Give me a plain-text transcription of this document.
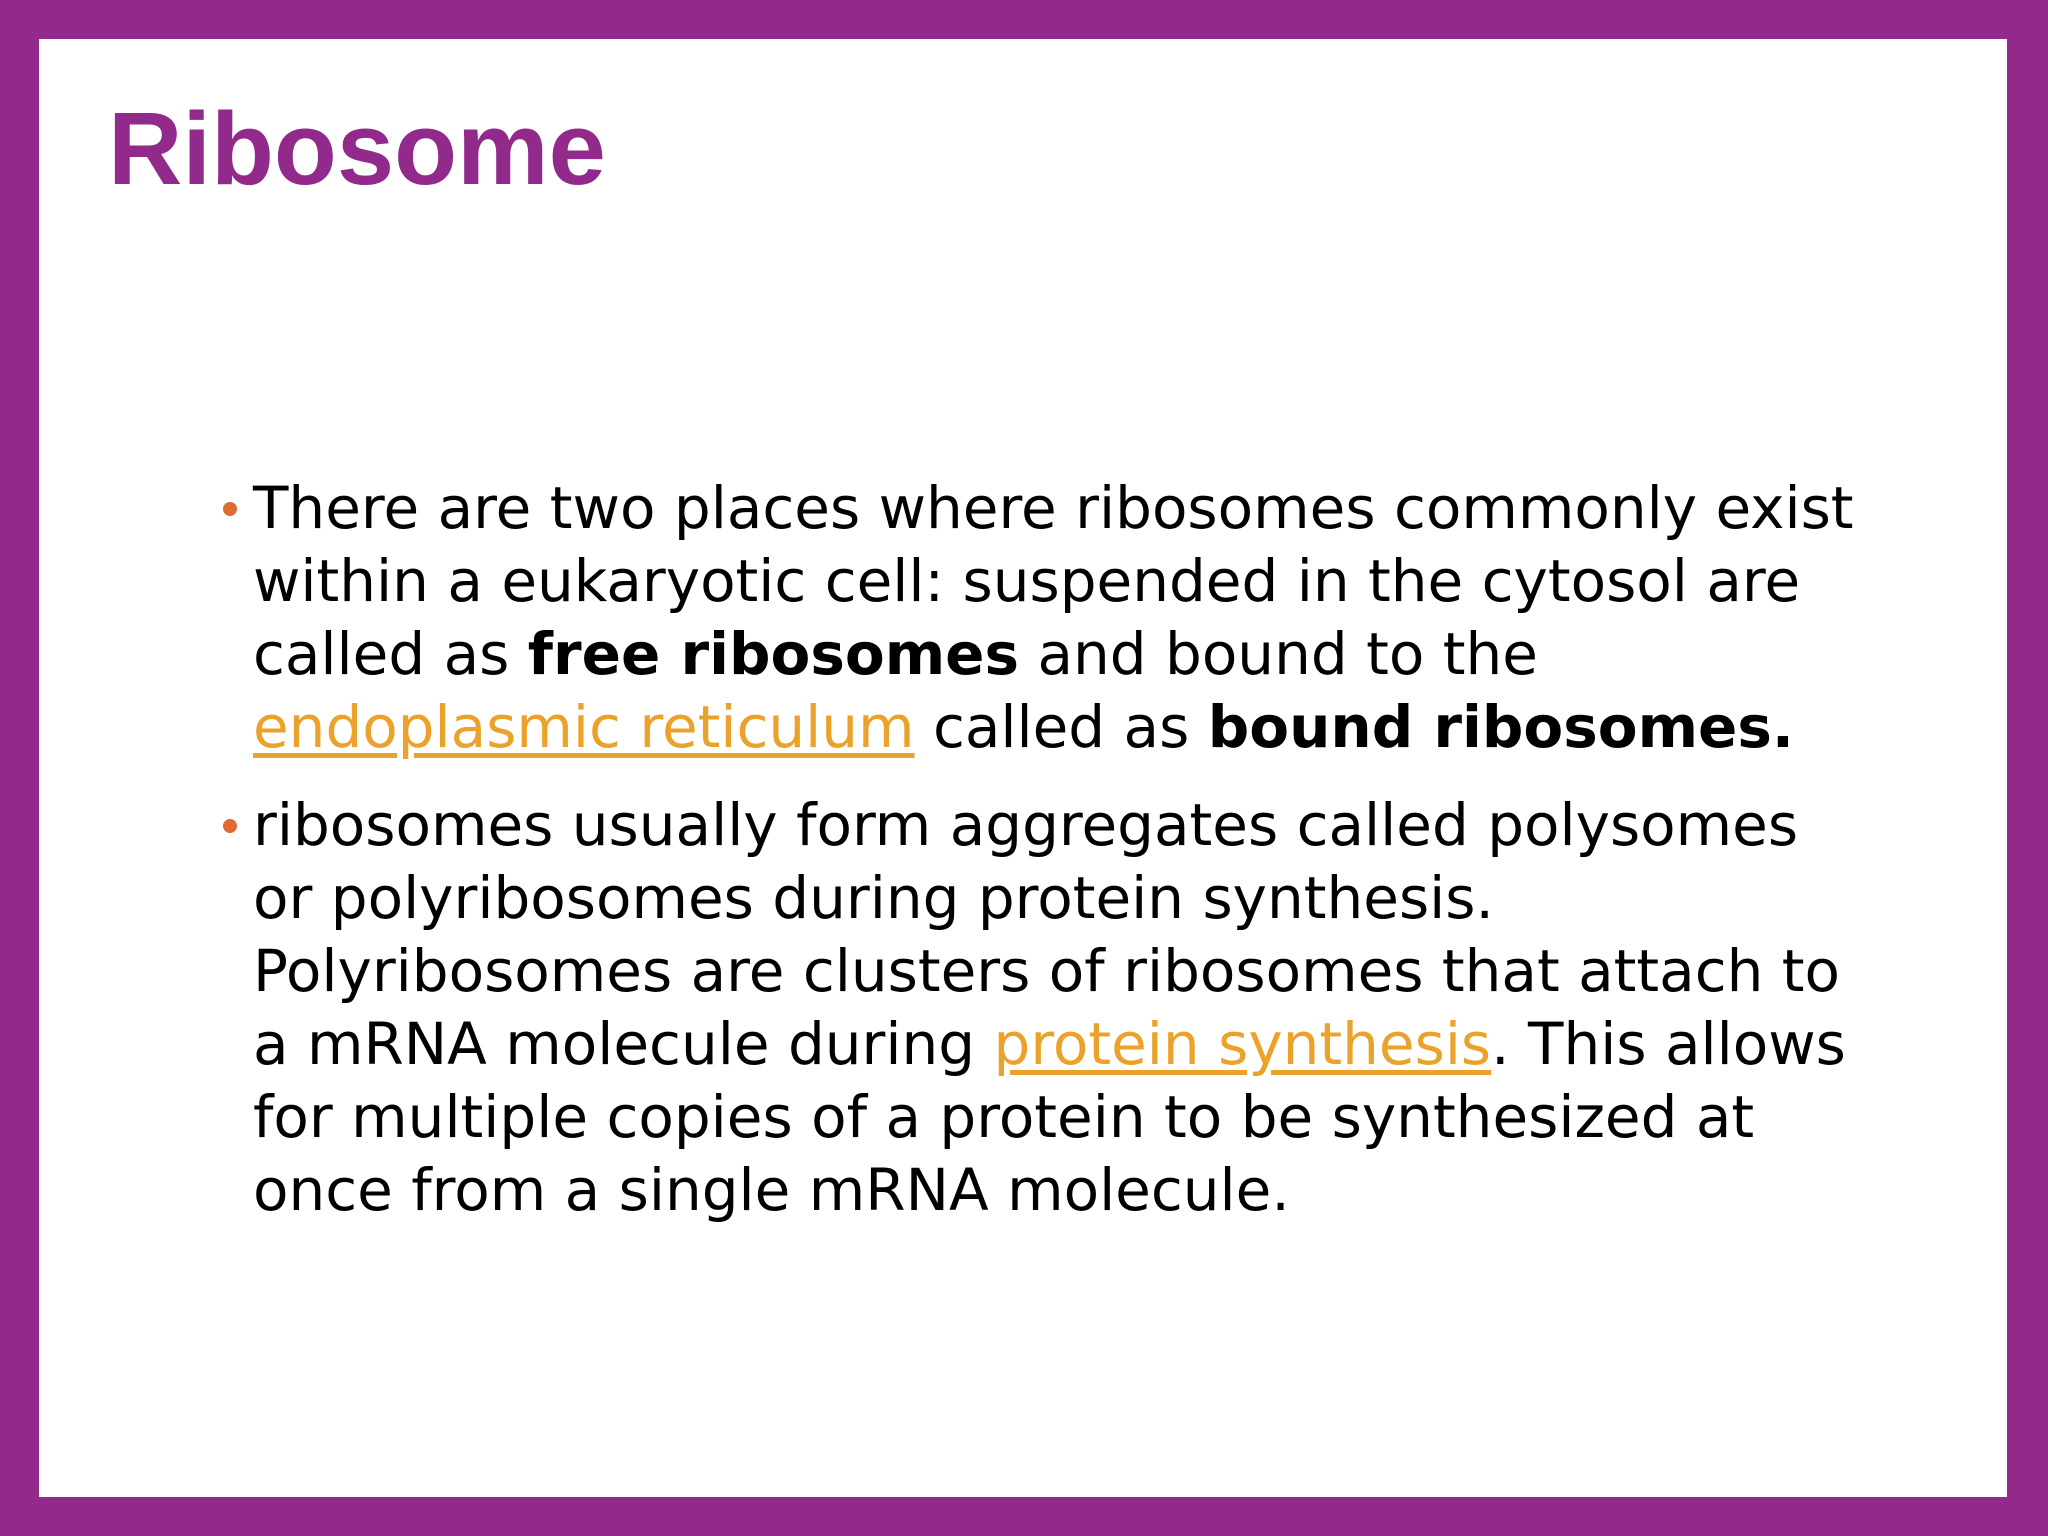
Ribosome
There are two places where ribosomes commonly exist within a eukaryotic cell: suspended in the cytosol are called as free ribosomes and bound to the endoplasmic reticulum called as bound ribosomes.
ribosomes usually form aggregates called polysomes or polyribosomes during protein synthesis. Polyribosomes are clusters of ribosomes that attach to a mRNA molecule during protein synthesis. This allows for multiple copies of a protein to be synthesized at once from a single mRNA molecule.
